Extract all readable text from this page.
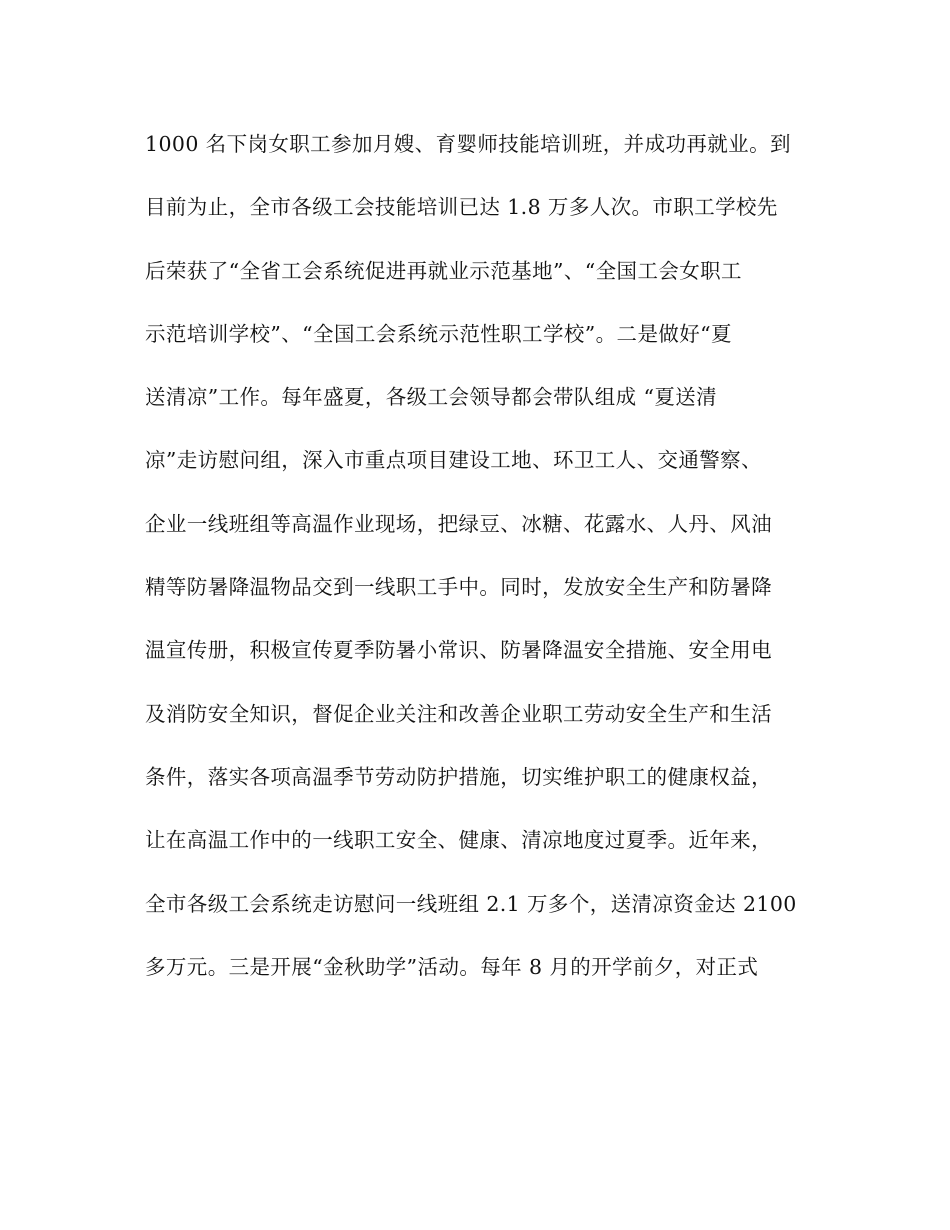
1000 名下岗女职工参加月嫂、育婴师技能培训班，并成功再就业。到
目前为止，全市各级工会技能培训已达 1.8 万多人次。市职工学校先
后荣获了“全省工会系统促进再就业示范基地”、“全国工会女职工
示范培训学校”、“全国工会系统示范性职工学校”。二是做好“夏
送清凉”工作。每年盛夏，各级工会领导都会带队组成 “夏送清
凉”走访慰问组，深入市重点项目建设工地、环卫工人、交通警察、
企业一线班组等高温作业现场，把绿豆、冰糖、花露水、人丹、风油
精等防暑降温物品交到一线职工手中。同时，发放安全生产和防暑降
温宣传册，积极宣传夏季防暑小常识、防暑降温安全措施、安全用电
及消防安全知识，督促企业关注和改善企业职工劳动安全生产和生活
条件，落实各项高温季节劳动防护措施，切实维护职工的健康权益，
让在高温工作中的一线职工安全、健康、清凉地度过夏季。近年来，
全市各级工会系统走访慰问一线班组 2.1 万多个，送清凉资金达 2100
多万元。三是开展“金秋助学”活动。每年 8 月的开学前夕，对正式
